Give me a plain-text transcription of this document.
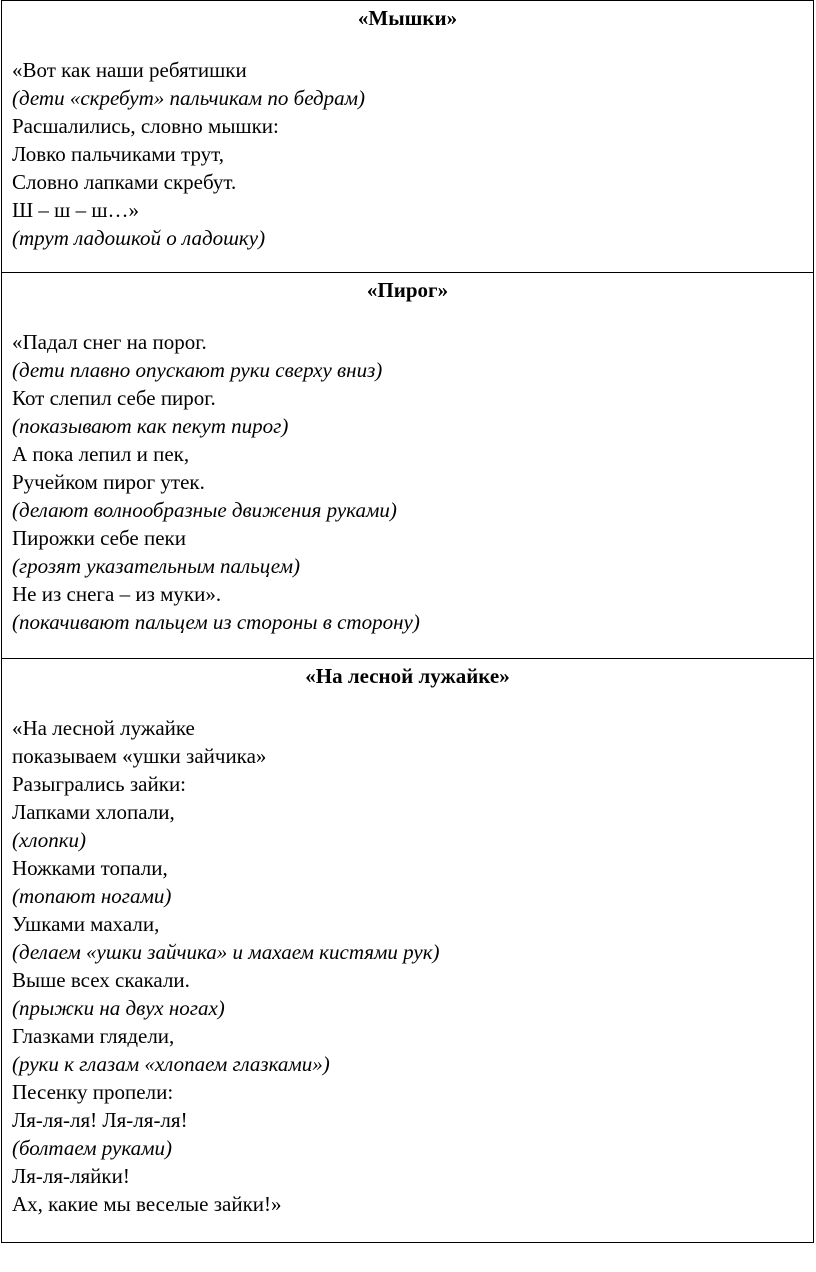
«Мышки»
«Вот как наши ребятишки
(дети «скребут» пальчикам по бедрам)
Расшалились, словно мышки:
Ловко пальчиками трут,
Словно лапками скребут.
Ш – ш – ш…»
(трут ладошкой о ладошку)

«Пирог»
«Падал снег на порог.
(дети плавно опускают руки сверху вниз)
Кот слепил себе пирог.
(показывают как пекут пирог)
А пока лепил и пек,
Ручейком пирог утек.
(делают волнообразные движения руками)
Пирожки себе пеки
(грозят указательным пальцем)
Не из снега – из муки».
(покачивают пальцем из стороны в сторону)

«На лесной лужайке»
«На лесной лужайке
показываем «ушки зайчика»
Разыгрались зайки:
Лапками хлопали,
(хлопки)
Ножками топали,
(топают ногами)
Ушками махали,
(делаем «ушки зайчика» и махаем кистями рук)
Выше всех скакали.
(прыжки на двух ногах)
Глазками глядели,
(руки к глазам «хлопаем глазками»)
Песенку пропели:
Ля-ля-ля! Ля-ля-ля!
(болтаем руками)
Ля-ля-ляйки!
Ах, какие мы веселые зайки!»
